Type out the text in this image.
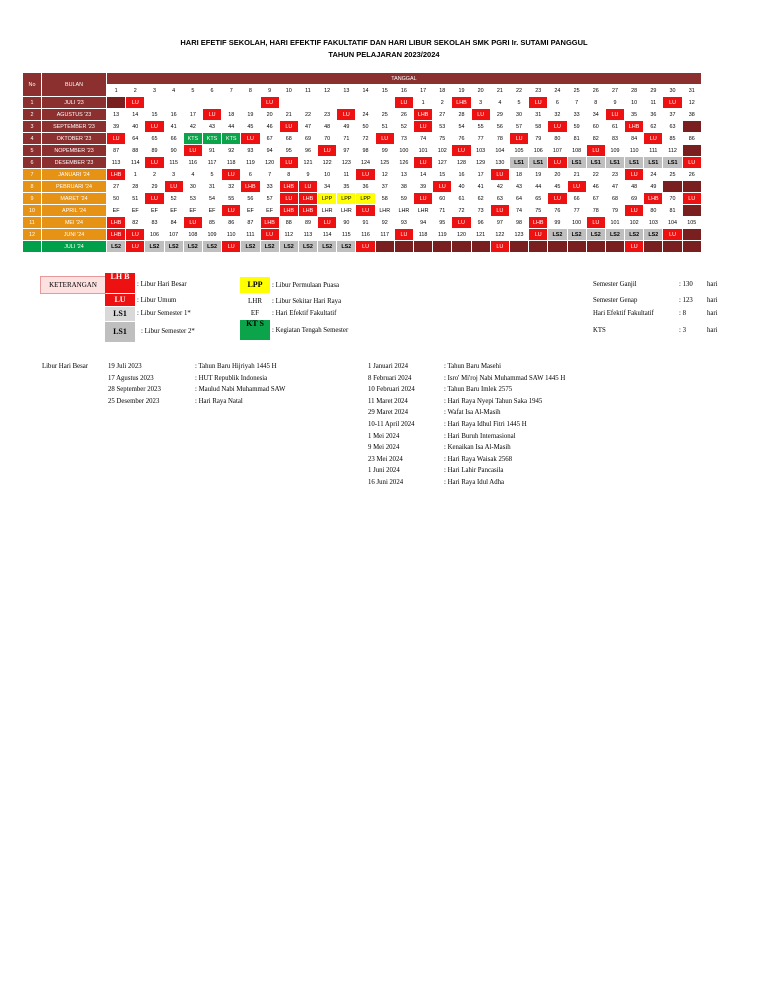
HARI EFETIF SEKOLAH, HARI EFEKTIF FAKULTATIF DAN HARI LIBUR SEKOLAH SMK PGRI Ir. SUTAMI PANGGUL
TAHUN PELAJARAN 2023/2024
No	BULAN	TANGGAL																														
		1	2	3	4	5	6	7	8	9	10	11	12	13	14	15	16	17	18	19	20	21	22	23	24	25	26	27	28	29	30	31
1	JULI '23		LU							LU							LU	1	2	LHB	3	4	5	LU	6	7	8	9	10	11	LU	12
2	AGUSTUS '23	13	14	15	16	17	LU	18	19	20	21	22	23	LU	24	25	26	LHB	27	28	LU	29	30	31	32	33	34	LU	35	36	37	38
3	SEPTEMBER '23	39	40	LU	41	42	43	44	45	46	LU	47	48	49	50	51	52	LU	53	54	55	56	57	58	LU	59	60	61	LHB	62	63	
4	OKTOBER '23	LU	64	65	66	KTS	KTS	KTS	LU	67	68	69	70	71	72	LU	73	74	75	76	77	78	LU	79	80	81	82	83	84	LU	85	86
5	NOPEMBER '23	87	88	89	90	LU	91	92	93	94	95	96	LU	97	98	99	100	101	102	LU	103	104	105	106	107	108	LU	109	110	111	112	
6	DESEMBER '23	113	114	LU	115	116	117	118	119	120	LU	121	122	123	124	125	126	LU	127	128	129	130	LS1	LS1	LU	LS1	LS1	LS1	LS1	LS1	LS1	LU
7	JANUARI '24	LHB	1	2	3	4	5	LU	6	7	8	9	10	11	LU	12	13	14	15	16	17	LU	18	19	20	21	22	23	LU	24	25	26
8	PEBRUARI '24	27	28	29	LU	30	31	32	LHB	33	LHB	LU	34	35	36	37	38	39	LU	40	41	42	43	44	45	LU	46	47	48	49		
9	MARET '24	50	51	LU	52	53	54	55	56	57	LU	LHB	LPP	LPP	LPP	58	59	LU	60	61	62	63	64	65	LU	66	67	68	69	LHB	70	LU
10	APRIL '24	EF	EF	EF	EF	EF	EF	LU	EF	EF	LHB	LHB	LHR	LHR	LU	LHR	LHR	LHR	71	72	73	LU	74	75	76	77	78	79	LU	80	81	
11	MEI '24	LHB	82	83	84	LU	85	86	87	LHB	88	89	LU	90	91	92	93	94	95	LU	96	97	98	LHB	99	100	LU	101	102	103	104	105
12	JUNI '24	LHB	LU	106	107	108	109	110	111	LU	112	113	114	115	116	117	LU	118	119	120	121	122	123	LU	LS2	LS2	LS2	LS2	LS2	LS2	LU	
	JULI '24	LS2	LU	LS2	LS2	LS2	LS2	LU	LS2	LS2	LS2	LS2	LS2	LS2	LU							LU							LU			
KETERANGAN
LH B
: Libur Hari Besar
LU	: Libur Umum
LS1	: Libur Semester 1*
LS1	: Libur Semester 2*
LPP	: Libur Permulaan Puasa
LHR	: Libur Sekitar Hari Raya
EF	: Hari Efektif Fakultatif
KT S
: Kegiatan Tengah Semester
Semester Ganjil	: 130 hari
Semester Genap	: 123 hari
Hari Efektif Fakultatif	: 8	hari
KTS	: 3	hari
Libur Hari Besar	19 Juli 2023	: Tahun Baru Hijriyah 1445 H
17 Agustus 2023	: HUT Republik Indonesia
28 September 2023	: Maulud Nabi Muhammad SAW
25 Desember 2023	: Hari Raya Natal
1 Januari 2024	: Tahun Baru Masehi
8 Februari 2024	: Isro' Mi'roj Nabi Muhammad SAW 1445 H
10 Februari 2024	: Tahun Baru Imlek 2575
11 Maret 2024	: Hari Raya Nyepi Tahun Saka 1945
29 Maret 2024	: Wafat Isa Al-Masih
10-11 April 2024	: Hari Raya Idhul Fitri 1445 H
1 Mei 2024	: Hari Buruh Internasional
9 Mei 2024	: Kenaikan Isa Al-Masih
23 Mei 2024	: Hari Raya Waisak 2568
1 Juni 2024	: Hari Lahir Pancasila
16 Juni 2024	: Hari Raya Idul Adha
